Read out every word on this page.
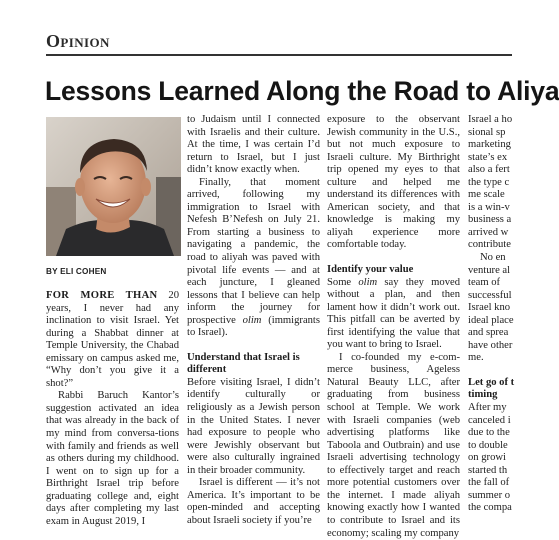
Opinion
Lessons Learned Along the Road to Aliya
BY ELI COHEN

FOR MORE THAN 20 years, I never had any inclination to visit Israel. Yet during a Shabbat dinner at Temple University, the Chabad emissary on campus asked me, “Why don’t you give it a shot?”

Rabbi Baruch Kantor’s suggestion activated an idea that was already in the back of my mind from conversa-tions with family and friends as well as others during my childhood. I went on to sign up for a Birthright Israel trip before graduating college and, eight days after completing my last exam in August 2019, I

to Judaism until I connected with Israelis and their culture. At the time, I was certain I’d return to Israel, but I just didn’t know exactly when.

Finally, that moment arrived, following my immigration to Israel with Nefesh B’Nefesh on July 21. From starting a business to navigating a pandemic, the road to aliyah was paved with pivotal life events — and at each juncture, I gleaned lessons that I believe can help inform the journey for prospective olim (immigrants to Israel).

Understand that Israel is different

Before visiting Israel, I didn’t identify culturally or religiously as a Jewish person in the United States. I never had exposure to people who were Jewishly observant but were also culturally ingrained in their broader community.

Israel is different — it’s not America. It’s important to be open-minded and accepting about Israeli society if you’re

exposure to the observant Jewish community in the U.S., but not much exposure to Israeli culture. My Birthright trip opened my eyes to that culture and helped me understand its differences with American society, and that knowledge is making my aliyah experience more comfortable today.

Identify your value

Some olim say they moved without a plan, and then lament how it didn’t work out. This pitfall can be averted by first identifying the value that you want to bring to Israel.

I co-founded my e-com-merce business, Ageless Natural Beauty LLC, after graduating from business school at Temple. We work with Israeli companies (web advertising platforms like Taboola and Outbrain) and use Israeli advertising technology to effectively target and reach more potential customers over the internet. I made aliyah knowing exactly how I wanted to contribute to Israel and its economy; scaling my company

Israel a ho
sional sp
marketing
state’s ex
also a fert
the type c
me scale
is a win-v
business a
arrived w
contribute
No en
venture al
team of
successful
Israel kno
ideal place
and sprea
have other
me.
Let go of t
timing
After my
canceled i
due to the
to double
on growi
started th
the fall of
summer o
the compa
